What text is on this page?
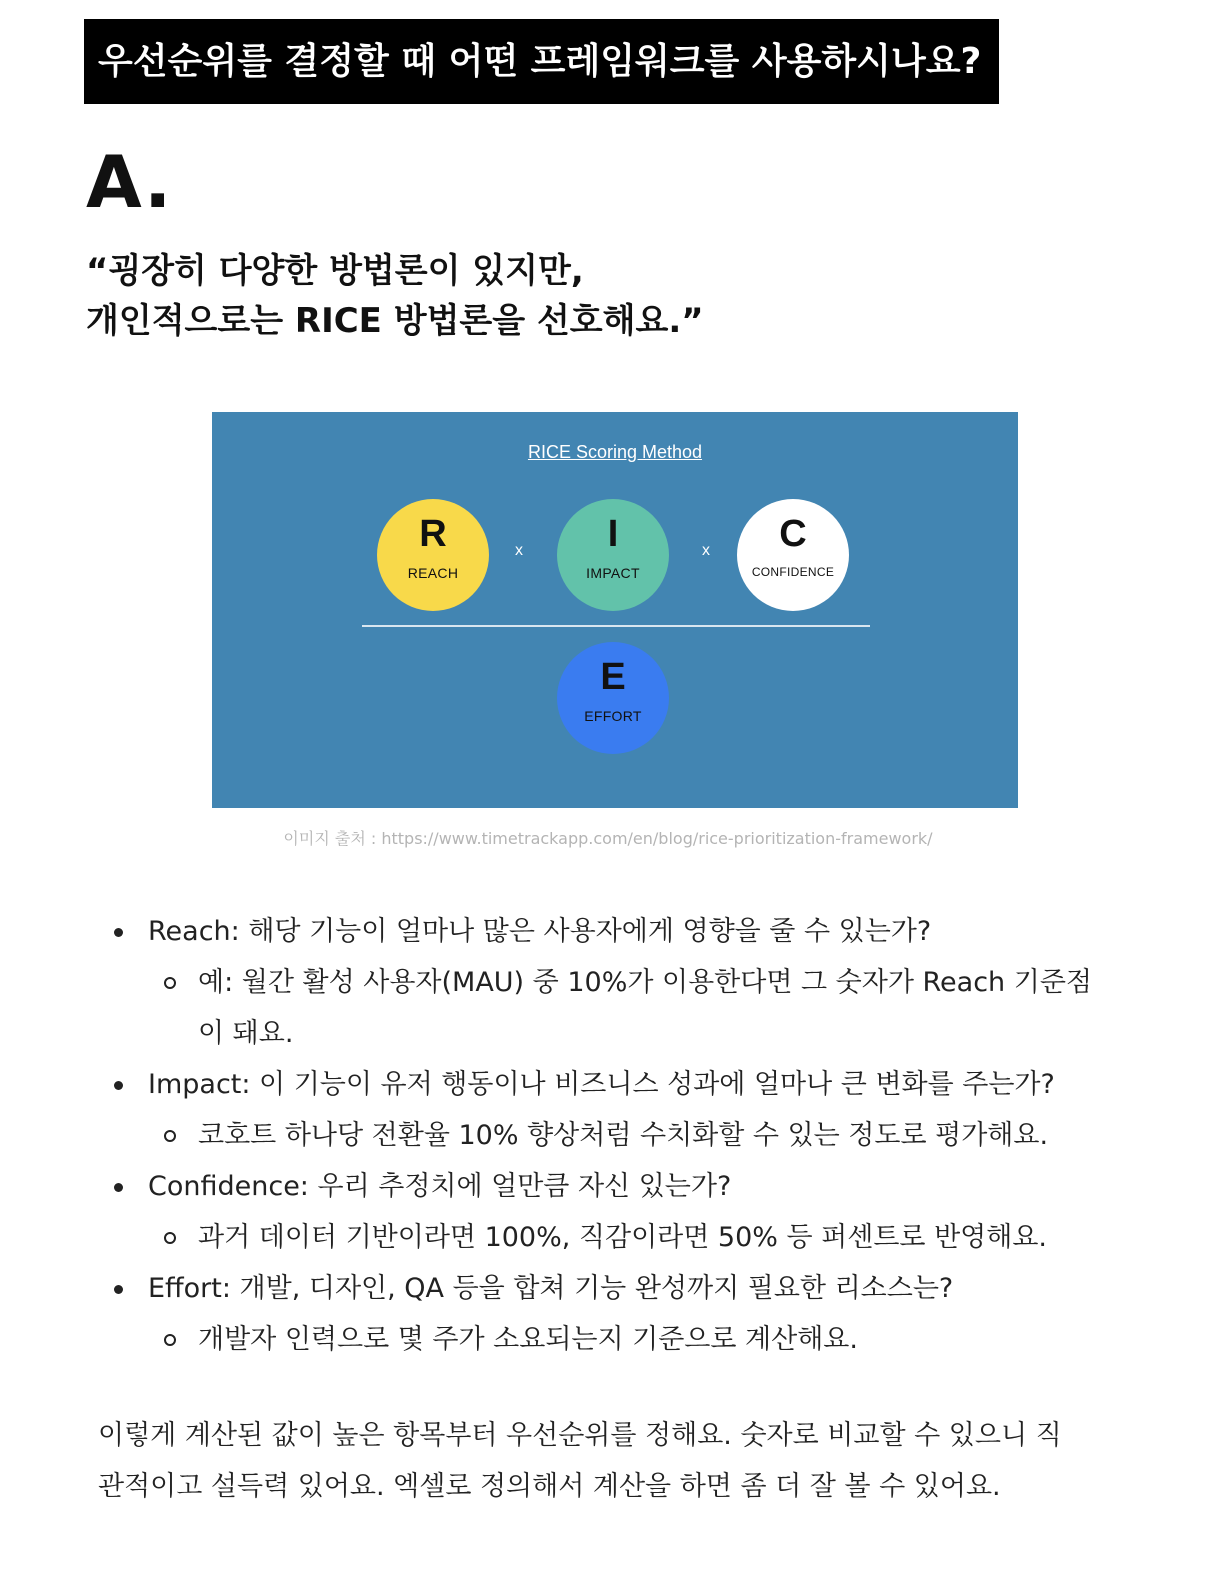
우선순위를 결정할 때 어떤 프레임워크를 사용하시나요?
A.
“굉장히 다양한 방법론이 있지만,
개인적으로는 RICE 방법론을 선호해요.”
RICE Scoring Method
R
REACH
x	I
IMPACT
x	C
CONFIDENCE
E
EFFORT
이미지 출처 : https://www.timetrackapp.com/en/blog/rice-prioritization-framework/
Reach: 해당 기능이 얼마나 많은 사용자에게 영향을 줄 수 있는가?
예: 월간 활성 사용자(MAU) 중 10%가 이용한다면 그 숫자가 Reach 기준점이 돼요.
Impact: 이 기능이 유저 행동이나 비즈니스 성과에 얼마나 큰 변화를 주는가?
코호트 하나당 전환율 10% 향상처럼 수치화할 수 있는 정도로 평가해요.
Confidence: 우리 추정치에 얼만큼 자신 있는가?
과거 데이터 기반이라면 100%, 직감이라면 50% 등 퍼센트로 반영해요.
Effort: 개발, 디자인, QA 등을 합쳐 기능 완성까지 필요한 리소스는?
개발자 인력으로 몇 주가 소요되는지 기준으로 계산해요.
이렇게 계산된 값이 높은 항목부터 우선순위를 정해요. 숫자로 비교할 수 있으니 직
관적이고 설득력 있어요. 엑셀로 정의해서 계산을 하면 좀 더 잘 볼 수 있어요.
